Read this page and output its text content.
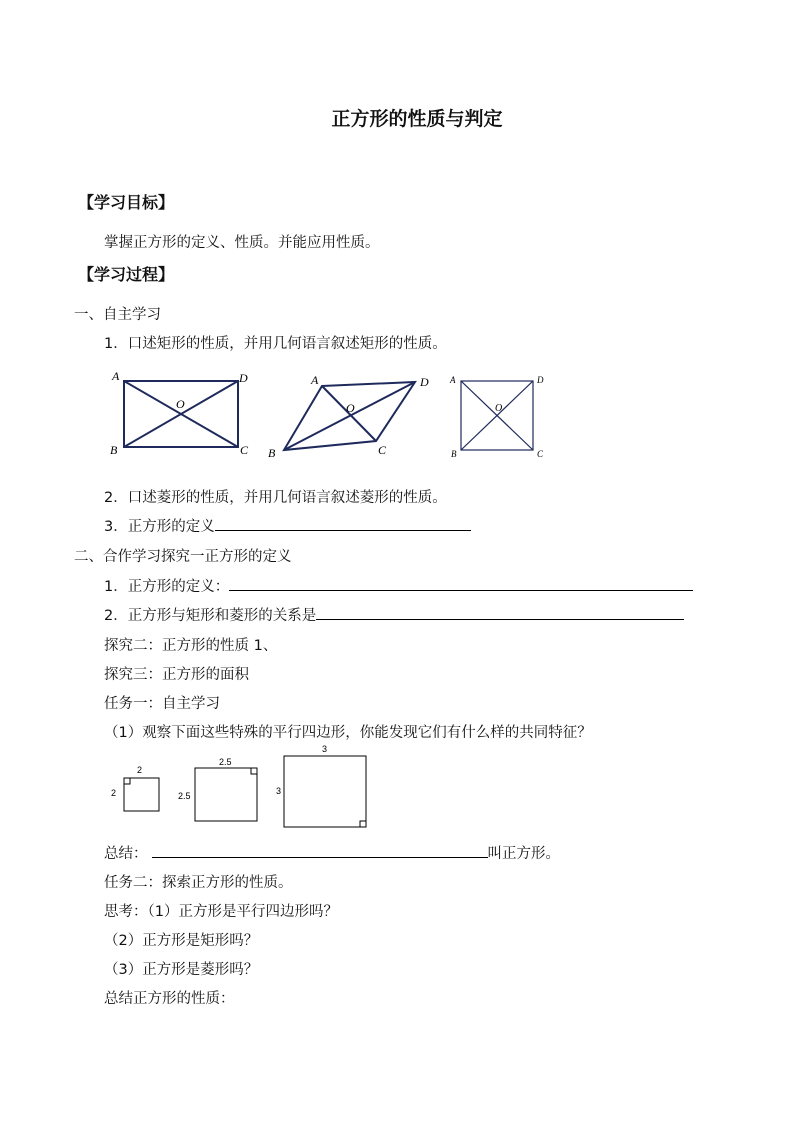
正方形的性质与判定
【学习目标】
掌握正方形的定义、性质。并能应用性质。
【学习过程】
一、自主学习
1．口述矩形的性质，并用几何语言叙述矩形的性质。
A	D
B	C
O
A	D
B	C
O
A	D
B	C
O
2．口述菱形的性质，并用几何语言叙述菱形的性质。
3．正方形的定义
二、合作学习探究一正方形的定义
1．正方形的定义：
2．正方形与矩形和菱形的关系是
探究二：正方形的性质 1、
探究三：正方形的面积
任务一：自主学习
（1）观察下面这些特殊的平行四边形，你能发现它们有什么样的共同特征？
2
2
2.5
2.5
3
3
总结：	叫正方形。
任务二：探索正方形的性质。
思考：（1）正方形是平行四边形吗？
（2）正方形是矩形吗？
（3）正方形是菱形吗？
总结正方形的性质：
